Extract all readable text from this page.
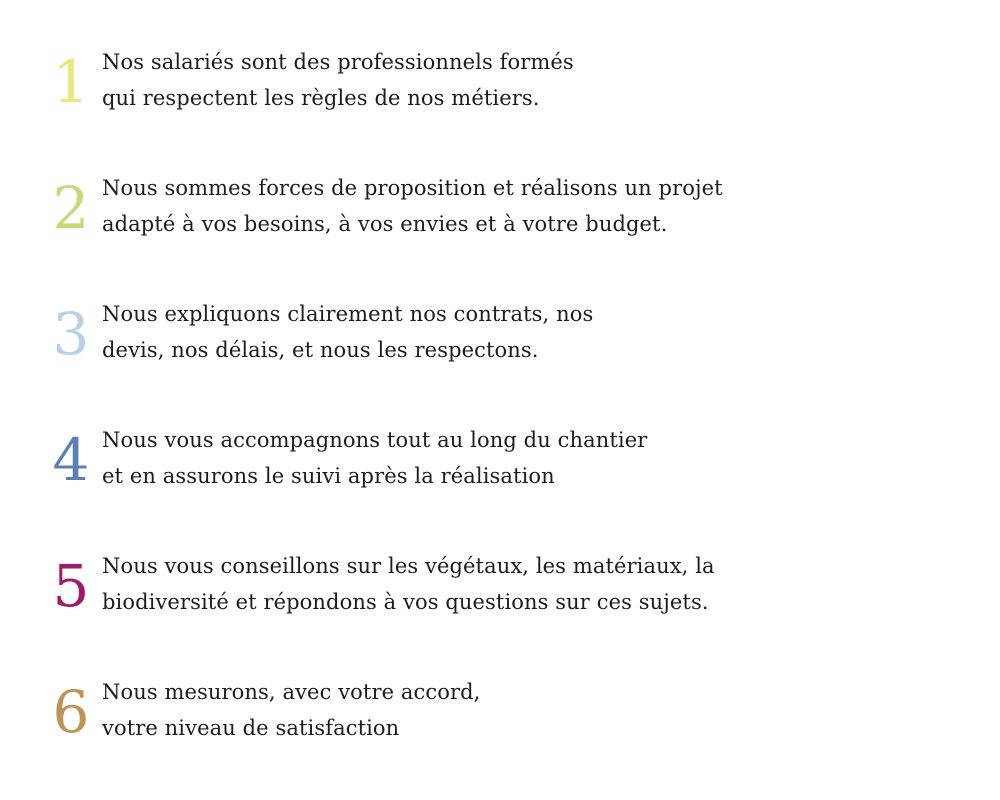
1 Nos salariés sont des professionnels formés
qui respectent les règles de nos métiers.
2 Nous sommes forces de proposition et réalisons un projet
adapté à vos besoins, à vos envies et à votre budget.
3 Nous expliquons clairement nos contrats, nos
devis, nos délais, et nous les respectons.
4 Nous vous accompagnons tout au long du chantier
et en assurons le suivi après la réalisation
5 Nous vous conseillons sur les végétaux, les matériaux, la
biodiversité et répondons à vos questions sur ces sujets.
6 Nous mesurons, avec votre accord,
votre niveau de satisfaction
